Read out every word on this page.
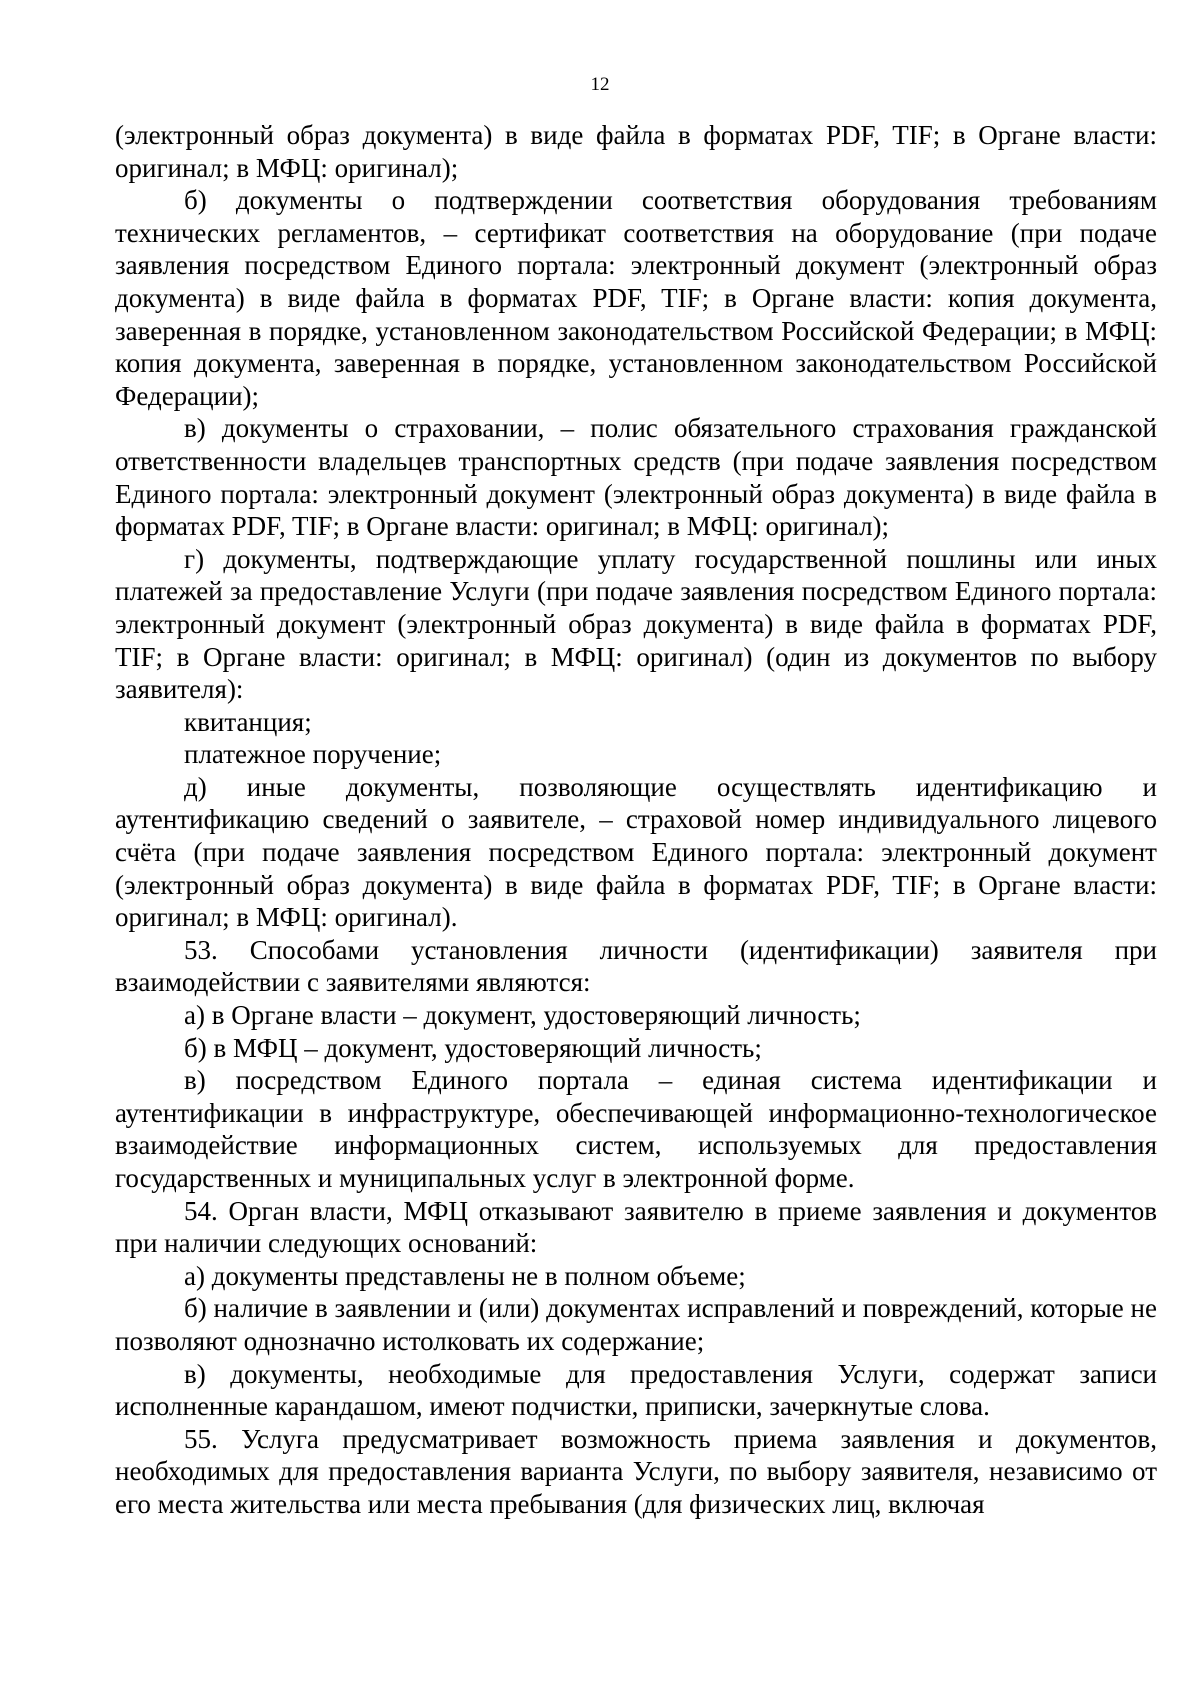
12

(электронный образ документа) в виде файла в форматах PDF, TIF; в Органе власти: оригинал; в МФЦ: оригинал);

б) документы о подтверждении соответствия оборудования требованиям технических регламентов, – сертификат соответствия на оборудование (при подаче заявления посредством Единого портала: электронный документ (электронный образ документа) в виде файла в форматах PDF, TIF; в Органе власти: копия документа, заверенная в порядке, установленном законодательством Российской Федерации; в МФЦ: копия документа, заверенная в порядке, установленном законодательством Российской Федерации);

в) документы о страховании, – полис обязательного страхования гражданской ответственности владельцев транспортных средств (при подаче заявления посредством Единого портала: электронный документ (электронный образ документа) в виде файла в форматах PDF, TIF; в Органе власти: оригинал; в МФЦ: оригинал);

г) документы, подтверждающие уплату государственной пошлины или иных платежей за предоставление Услуги (при подаче заявления посредством Единого портала: электронный документ (электронный образ документа) в виде файла в форматах PDF, TIF; в Органе власти: оригинал; в МФЦ: оригинал) (один из документов по выбору заявителя):

квитанция;

платежное поручение;

д) иные документы, позволяющие осуществлять идентификацию и аутентификацию сведений о заявителе, – страховой номер индивидуального лицевого счёта (при подаче заявления посредством Единого портала: электронный документ (электронный образ документа) в виде файла в форматах PDF, TIF; в Органе власти: оригинал; в МФЦ: оригинал).

53. Способами установления личности (идентификации) заявителя при взаимодействии с заявителями являются:

а) в Органе власти – документ, удостоверяющий личность;

б) в МФЦ – документ, удостоверяющий личность;

в) посредством Единого портала – единая система идентификации и аутентификации в инфраструктуре, обеспечивающей информационно-технологическое взаимодействие информационных систем, используемых для предоставления государственных и муниципальных услуг в электронной форме.

54. Орган власти, МФЦ отказывают заявителю в приеме заявления и документов при наличии следующих оснований:

а) документы представлены не в полном объеме;

б) наличие в заявлении и (или) документах исправлений и повреждений, которые не позволяют однозначно истолковать их содержание;

в) документы, необходимые для предоставления Услуги, содержат записи исполненные карандашом, имеют подчистки, приписки, зачеркнутые слова.

55. Услуга предусматривает возможность приема заявления и документов, необходимых для предоставления варианта Услуги, по выбору заявителя, независимо от его места жительства или места пребывания (для физических лиц, включая
